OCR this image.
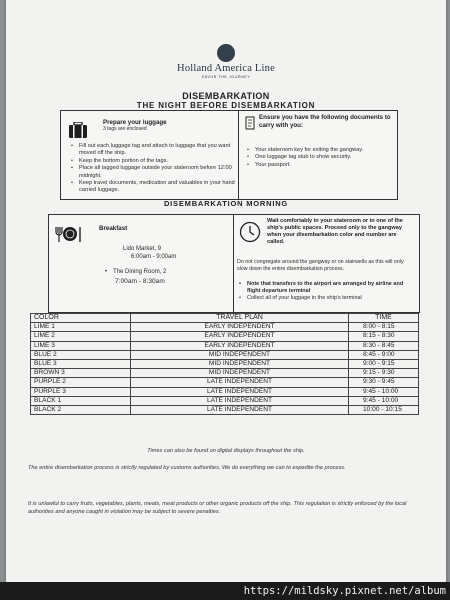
Holland America Line
SAVOR THE JOURNEY
DISEMBARKATION
THE NIGHT BEFORE DISEMBARKATION
Prepare your luggage
3 tags are enclosed
• Fill out each luggage tag and attach to luggage that you want moved off the ship.
• Keep the bottom portion of the tags.
• Place all tagged luggage outside your stateroom before 12:00 midnight.
• Keep travel documents, medication and valuables in your hand carried luggage.
Ensure you have the following documents to carry with you:
• Your stateroom key for exiting the gangway.
• One luggage tag stub to show security.
• Your passport.
DISEMBARKATION MORNING
Breakfast
Lido Market, 9
6:00am - 9:00am
• The Dining Room, 2
7:00am - 8:30am
Wait comfortably in your stateroom or in one of the ship's public spaces. Proceed only to the gangway when your disembarkation color and number are called.
Do not congregate around the gangway or on stairwells as this will only slow down the entire disembarkation process.
• Note that transfers to the airport are arranged by airline and flight departure terminal
• Collect all of your luggage in the ship's terminal
COLOR	TRAVEL PLAN	TIME
LIME 1	EARLY INDEPENDENT	8:00 - 8:15
LIME 2	EARLY INDEPENDENT	8:15 - 8:30
LIME 3	EARLY INDEPENDENT	8:30 - 8:45
BLUE 2	MID INDEPENDENT	8:45 - 9:00
BLUE 3	MID INDEPENDENT	9:00 - 9:15
BROWN 3	MID INDEPENDENT	9:15 - 9:30
PURPLE 2	LATE INDEPENDENT	9:30 - 9:45
PURPLE 3	LATE INDEPENDENT	9:45 - 10:00
BLACK 1	LATE INDEPENDENT	9:45 - 10:00
BLACK 2	LATE INDEPENDENT	10:00 - 10:15
Times can also be found on digital displays throughout the ship.
The entire disembarkation process is strictly regulated by customs authorities. We do everything we can to expedite the process.
It is unlawful to carry fruits, vegetables, plants, meats, meat products or other organic products off the ship. This regulation is strictly enforced by the local authorities and anyone caught in violation may be subject to severe penalties.
https://mildsky.pixnet.net/album
